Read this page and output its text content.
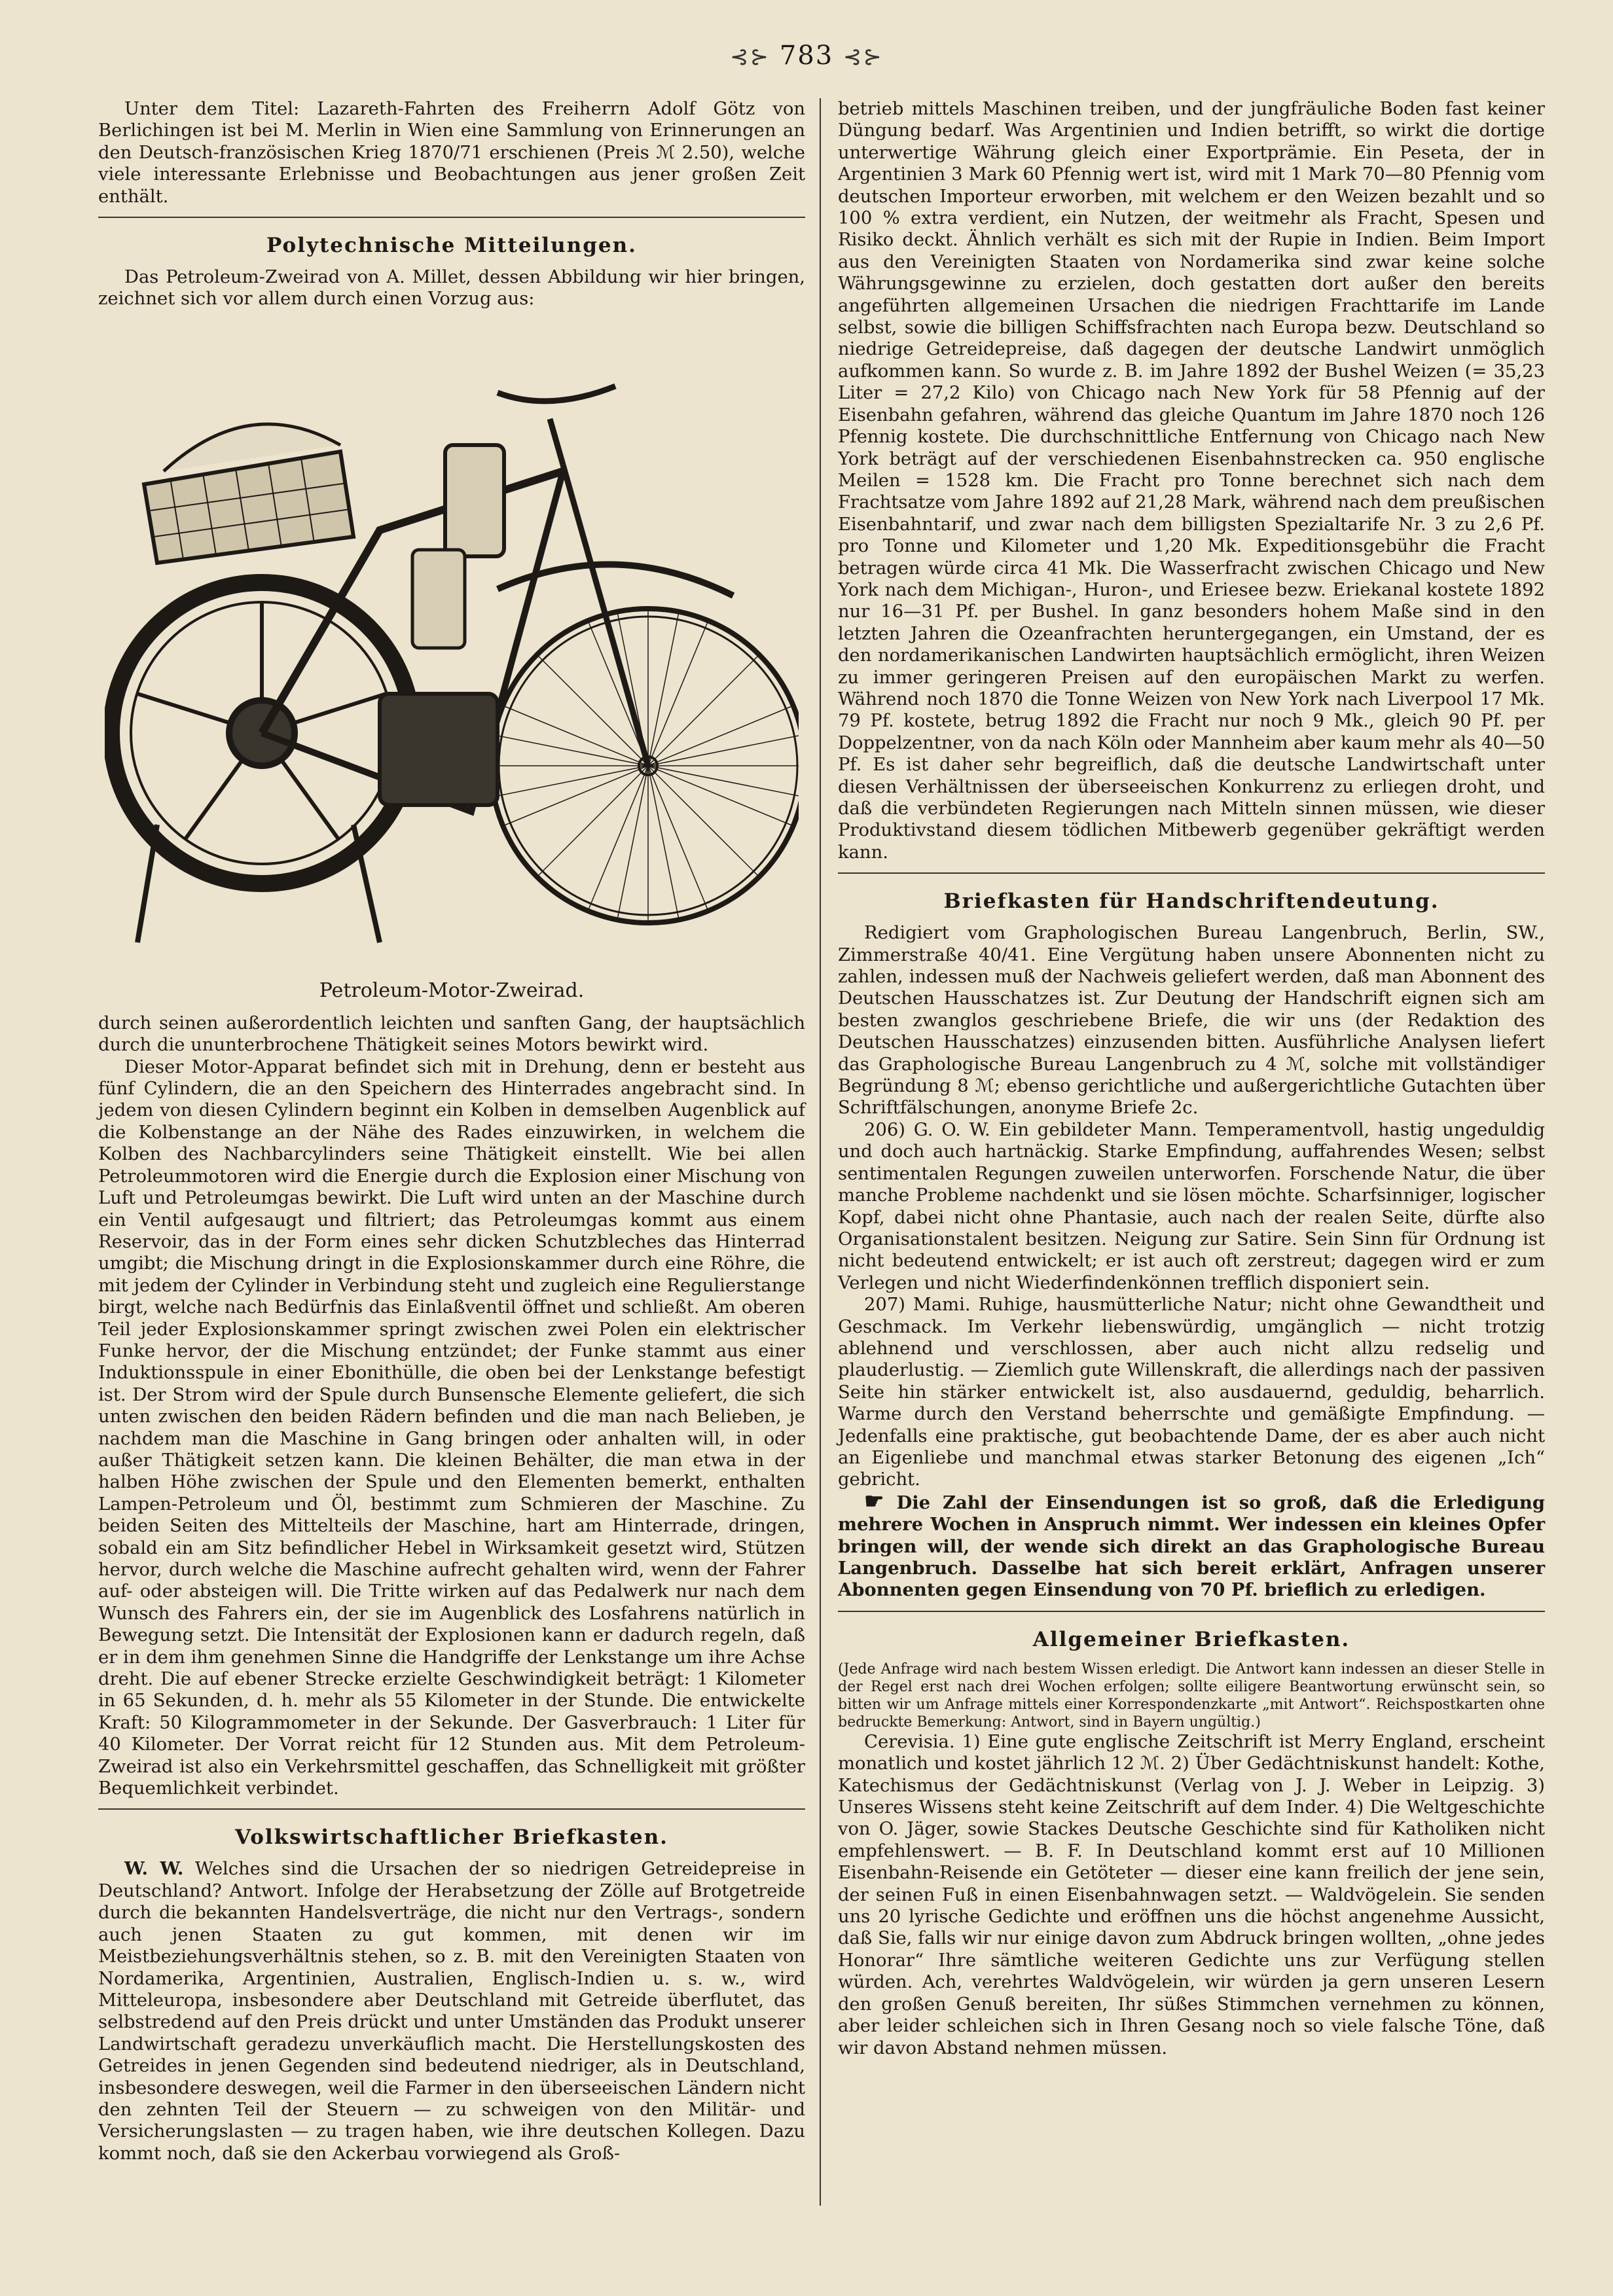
⊰⊱ 783 ⊰⊱

Unter dem Titel: Lazareth-Fahrten des Freiherrn Adolf Götz von Berlichingen ist bei M. Merlin in Wien eine Sammlung von Erinnerungen an den Deutsch-französischen Krieg 1870/71 erschienen (Preis ℳ 2.50), welche viele interessante Erlebnisse und Beobachtungen aus jener großen Zeit enthält.

Polytechnische Mitteilungen.

Das Petroleum-Zweirad von A. Millet, dessen Abbildung wir hier bringen, zeichnet sich vor allem durch einen Vorzug aus:

Petroleum-Motor-Zweirad.

durch seinen außerordentlich leichten und sanften Gang, der hauptsächlich durch die ununterbrochene Thätigkeit seines Motors bewirkt wird.

Dieser Motor-Apparat befindet sich mit in Drehung, denn er besteht aus fünf Cylindern, die an den Speichern des Hinterrades angebracht sind. In jedem von diesen Cylindern beginnt ein Kolben in demselben Augenblick auf die Kolbenstange an der Nähe des Rades einzuwirken, in welchem die Kolben des Nachbarcylinders seine Thätigkeit einstellt. Wie bei allen Petroleummotoren wird die Energie durch die Explosion einer Mischung von Luft und Petroleumgas bewirkt. Die Luft wird unten an der Maschine durch ein Ventil aufgesaugt und filtriert; das Petroleumgas kommt aus einem Reservoir, das in der Form eines sehr dicken Schutzbleches das Hinterrad umgibt; die Mischung dringt in die Explosionskammer durch eine Röhre, die mit jedem der Cylinder in Verbindung steht und zugleich eine Regulierstange birgt, welche nach Bedürfnis das Einlaßventil öffnet und schließt. Am oberen Teil jeder Explosionskammer springt zwischen zwei Polen ein elektrischer Funke hervor, der die Mischung entzündet; der Funke stammt aus einer Induktionsspule in einer Ebonithülle, die oben bei der Lenkstange befestigt ist. Der Strom wird der Spule durch Bunsensche Elemente geliefert, die sich unten zwischen den beiden Rädern befinden und die man nach Belieben, je nachdem man die Maschine in Gang bringen oder anhalten will, in oder außer Thätigkeit setzen kann. Die kleinen Behälter, die man etwa in der halben Höhe zwischen der Spule und den Elementen bemerkt, enthalten Lampen-Petroleum und Öl, bestimmt zum Schmieren der Maschine. Zu beiden Seiten des Mittelteils der Maschine, hart am Hinterrade, dringen, sobald ein am Sitz befindlicher Hebel in Wirksamkeit gesetzt wird, Stützen hervor, durch welche die Maschine aufrecht gehalten wird, wenn der Fahrer auf- oder absteigen will. Die Tritte wirken auf das Pedalwerk nur nach dem Wunsch des Fahrers ein, der sie im Augenblick des Losfahrens natürlich in Bewegung setzt. Die Intensität der Explosionen kann er dadurch regeln, daß er in dem ihm genehmen Sinne die Handgriffe der Lenkstange um ihre Achse dreht. Die auf ebener Strecke erzielte Geschwindigkeit beträgt: 1 Kilometer in 65 Sekunden, d. h. mehr als 55 Kilometer in der Stunde. Die entwickelte Kraft: 50 Kilogrammometer in der Sekunde. Der Gasverbrauch: 1 Liter für 40 Kilometer. Der Vorrat reicht für 12 Stunden aus. Mit dem Petroleum-Zweirad ist also ein Verkehrsmittel geschaffen, das Schnelligkeit mit größter Bequemlichkeit verbindet.

Volkswirtschaftlicher Briefkasten.

W. W. Welches sind die Ursachen der so niedrigen Getreidepreise in Deutschland? Antwort. Infolge der Herabsetzung der Zölle auf Brotgetreide durch die bekannten Handelsverträge, die nicht nur den Vertrags-, sondern auch jenen Staaten zu gut kommen, mit denen wir im Meistbeziehungsverhältnis stehen, so z. B. mit den Vereinigten Staaten von Nordamerika, Argentinien, Australien, Englisch-Indien u. s. w., wird Mitteleuropa, insbesondere aber Deutschland mit Getreide überflutet, das selbstredend auf den Preis drückt und unter Umständen das Produkt unserer Landwirtschaft geradezu unverkäuflich macht. Die Herstellungskosten des Getreides in jenen Gegenden sind bedeutend niedriger, als in Deutschland, insbesondere deswegen, weil die Farmer in den überseeischen Ländern nicht den zehnten Teil der Steuern — zu schweigen von den Militär- und Versicherungslasten — zu tragen haben, wie ihre deutschen Kollegen. Dazu kommt noch, daß sie den Ackerbau vorwiegend als Groß-

betrieb mittels Maschinen treiben, und der jungfräuliche Boden fast keiner Düngung bedarf. Was Argentinien und Indien betrifft, so wirkt die dortige unterwertige Währung gleich einer Exportprämie. Ein Peseta, der in Argentinien 3 Mark 60 Pfennig wert ist, wird mit 1 Mark 70—80 Pfennig vom deutschen Importeur erworben, mit welchem er den Weizen bezahlt und so 100 % extra verdient, ein Nutzen, der weitmehr als Fracht, Spesen und Risiko deckt. Ähnlich verhält es sich mit der Rupie in Indien. Beim Import aus den Vereinigten Staaten von Nordamerika sind zwar keine solche Währungsgewinne zu erzielen, doch gestatten dort außer den bereits angeführten allgemeinen Ursachen die niedrigen Frachttarife im Lande selbst, sowie die billigen Schiffsfrachten nach Europa bezw. Deutschland so niedrige Getreidepreise, daß dagegen der deutsche Landwirt unmöglich aufkommen kann. So wurde z. B. im Jahre 1892 der Bushel Weizen (= 35,23 Liter = 27,2 Kilo) von Chicago nach New York für 58 Pfennig auf der Eisenbahn gefahren, während das gleiche Quantum im Jahre 1870 noch 126 Pfennig kostete. Die durchschnittliche Entfernung von Chicago nach New York beträgt auf der verschiedenen Eisenbahnstrecken ca. 950 englische Meilen = 1528 km. Die Fracht pro Tonne berechnet sich nach dem Frachtsatze vom Jahre 1892 auf 21,28 Mark, während nach dem preußischen Eisenbahntarif, und zwar nach dem billigsten Spezialtarife Nr. 3 zu 2,6 Pf. pro Tonne und Kilometer und 1,20 Mk. Expeditionsgebühr die Fracht betragen würde circa 41 Mk. Die Wasserfracht zwischen Chicago und New York nach dem Michigan-, Huron-, und Eriesee bezw. Eriekanal kostete 1892 nur 16—31 Pf. per Bushel. In ganz besonders hohem Maße sind in den letzten Jahren die Ozeanfrachten heruntergegangen, ein Umstand, der es den nordamerikanischen Landwirten hauptsächlich ermöglicht, ihren Weizen zu immer geringeren Preisen auf den europäischen Markt zu werfen. Während noch 1870 die Tonne Weizen von New York nach Liverpool 17 Mk. 79 Pf. kostete, betrug 1892 die Fracht nur noch 9 Mk., gleich 90 Pf. per Doppelzentner, von da nach Köln oder Mannheim aber kaum mehr als 40—50 Pf. Es ist daher sehr begreiflich, daß die deutsche Landwirtschaft unter diesen Verhältnissen der überseeischen Konkurrenz zu erliegen droht, und daß die verbündeten Regierungen nach Mitteln sinnen müssen, wie dieser Produktivstand diesem tödlichen Mitbewerb gegenüber gekräftigt werden kann.

Briefkasten für Handschriftendeutung.

Redigiert vom Graphologischen Bureau Langenbruch, Berlin, SW., Zimmerstraße 40/41. Eine Vergütung haben unsere Abonnenten nicht zu zahlen, indessen muß der Nachweis geliefert werden, daß man Abonnent des Deutschen Hausschatzes ist. Zur Deutung der Handschrift eignen sich am besten zwanglos geschriebene Briefe, die wir uns (der Redaktion des Deutschen Hausschatzes) einzusenden bitten. Ausführliche Analysen liefert das Graphologische Bureau Langenbruch zu 4 ℳ, solche mit vollständiger Begründung 8 ℳ; ebenso gerichtliche und außergerichtliche Gutachten über Schriftfälschungen, anonyme Briefe 2c.

206) G. O. W. Ein gebildeter Mann. Temperamentvoll, hastig ungeduldig und doch auch hartnäckig. Starke Empfindung, auffahrendes Wesen; selbst sentimentalen Regungen zuweilen unterworfen. Forschende Natur, die über manche Probleme nachdenkt und sie lösen möchte. Scharfsinniger, logischer Kopf, dabei nicht ohne Phantasie, auch nach der realen Seite, dürfte also Organisationstalent besitzen. Neigung zur Satire. Sein Sinn für Ordnung ist nicht bedeutend entwickelt; er ist auch oft zerstreut; dagegen wird er zum Verlegen und nicht Wiederfindenkönnen trefflich disponiert sein.

207) Mami. Ruhige, hausmütterliche Natur; nicht ohne Gewandtheit und Geschmack. Im Verkehr liebenswürdig, umgänglich — nicht trotzig ablehnend und verschlossen, aber auch nicht allzu redselig und plauderlustig. — Ziemlich gute Willenskraft, die allerdings nach der passiven Seite hin stärker entwickelt ist, also ausdauernd, geduldig, beharrlich. Warme durch den Verstand beherrschte und gemäßigte Empfindung. — Jedenfalls eine praktische, gut beobachtende Dame, der es aber auch nicht an Eigenliebe und manchmal etwas starker Betonung des eigenen „Ich“ gebricht.

☛ Die Zahl der Einsendungen ist so groß, daß die Erledigung mehrere Wochen in Anspruch nimmt. Wer indessen ein kleines Opfer bringen will, der wende sich direkt an das Graphologische Bureau Langenbruch. Dasselbe hat sich bereit erklärt, Anfragen unserer Abonnenten gegen Einsendung von 70 Pf. brieflich zu erledigen.

Allgemeiner Briefkasten.

(Jede Anfrage wird nach bestem Wissen erledigt. Die Antwort kann indessen an dieser Stelle in der Regel erst nach drei Wochen erfolgen; sollte eiligere Beantwortung erwünscht sein, so bitten wir um Anfrage mittels einer Korrespondenzkarte „mit Antwort“. Reichspostkarten ohne bedruckte Bemerkung: Antwort, sind in Bayern ungültig.)

Cerevisia. 1) Eine gute englische Zeitschrift ist Merry England, erscheint monatlich und kostet jährlich 12 ℳ. 2) Über Gedächtniskunst handelt: Kothe, Katechismus der Gedächtniskunst (Verlag von J. J. Weber in Leipzig. 3) Unseres Wissens steht keine Zeitschrift auf dem Inder. 4) Die Weltgeschichte von O. Jäger, sowie Stackes Deutsche Geschichte sind für Katholiken nicht empfehlenswert. — B. F. In Deutschland kommt erst auf 10 Millionen Eisenbahn-Reisende ein Getöteter — dieser eine kann freilich der jene sein, der seinen Fuß in einen Eisenbahnwagen setzt. — Waldvögelein. Sie senden uns 20 lyrische Gedichte und eröffnen uns die höchst angenehme Aussicht, daß Sie, falls wir nur einige davon zum Abdruck bringen wollten, „ohne jedes Honorar“ Ihre sämtliche weiteren Gedichte uns zur Verfügung stellen würden. Ach, verehrtes Waldvögelein, wir würden ja gern unseren Lesern den großen Genuß bereiten, Ihr süßes Stimmchen vernehmen zu können, aber leider schleichen sich in Ihren Gesang noch so viele falsche Töne, daß wir davon Abstand nehmen müssen.
